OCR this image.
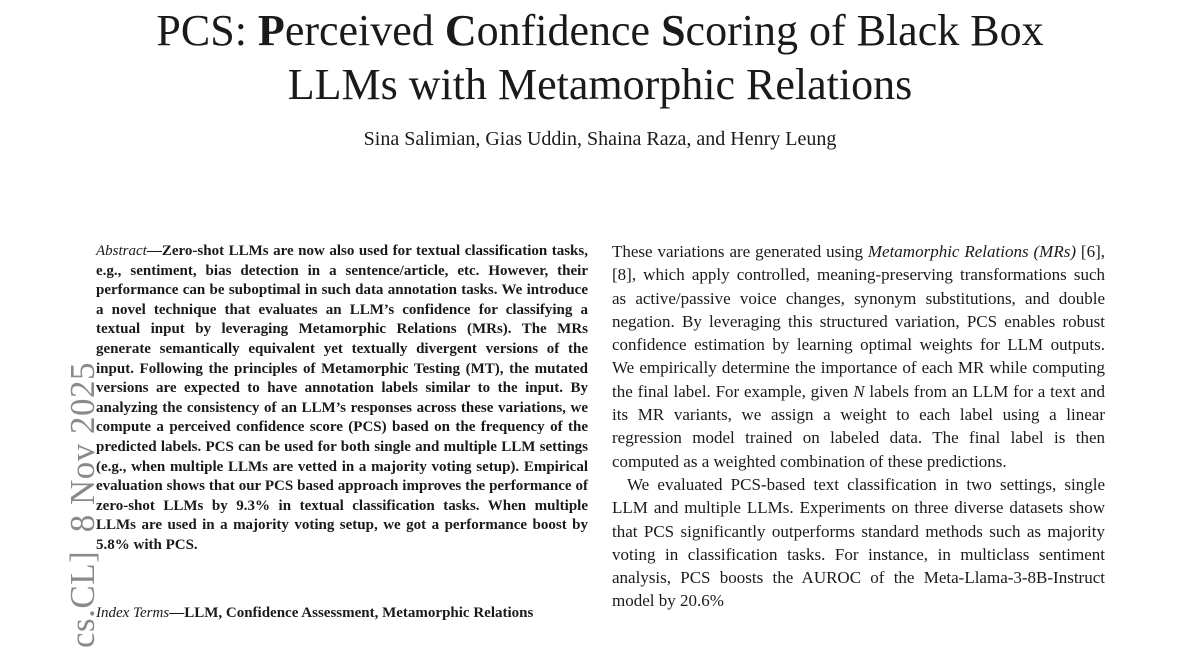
PCS: Perceived Confidence Scoring of Black Box
LLMs with Metamorphic Relations
Sina Salimian, Gias Uddin, Shaina Raza, and Henry Leung
cs.CL]  8 Nov 2025

Abstract—Zero-shot LLMs are now also used for textual classification tasks, e.g., sentiment, bias detection in a sentence/article, etc. However, their performance can be suboptimal in such data annotation tasks. We introduce a novel technique that evaluates an LLM’s confidence for classifying a textual input by leveraging Metamorphic Relations (MRs). The MRs generate semantically equivalent yet textually divergent versions of the input. Following the principles of Metamorphic Testing (MT), the mutated versions are expected to have annotation labels similar to the input. By analyzing the consistency of an LLM’s responses across these variations, we compute a perceived confidence score (PCS) based on the frequency of the predicted labels. PCS can be used for both single and multiple LLM settings (e.g., when multiple LLMs are vetted in a majority voting setup). Empirical evaluation shows that our PCS based approach improves the performance of zero-shot LLMs by 9.3% in textual classification tasks. When multiple LLMs are used in a majority voting setup, we got a performance boost by 5.8% with PCS.

Index Terms—LLM, Confidence Assessment, Metamorphic Relations

These variations are generated using Metamorphic Relations (MRs) [6], [8], which apply controlled, meaning-preserving transformations such as active/passive voice changes, synonym substitutions, and double negation. By leveraging this structured variation, PCS enables robust confidence estimation by learning optimal weights for LLM outputs. We empirically determine the importance of each MR while computing the final label. For example, given N labels from an LLM for a text and its MR variants, we assign a weight to each label using a linear regression model trained on labeled data. The final label is then computed as a weighted combination of these predictions.

We evaluated PCS-based text classification in two settings, single LLM and multiple LLMs. Experiments on three diverse datasets show that PCS significantly outperforms standard methods such as majority voting in classification tasks. For instance, in multiclass sentiment analysis, PCS boosts the AUROC of the Meta-Llama-3-8B-Instruct model by 20.6%
